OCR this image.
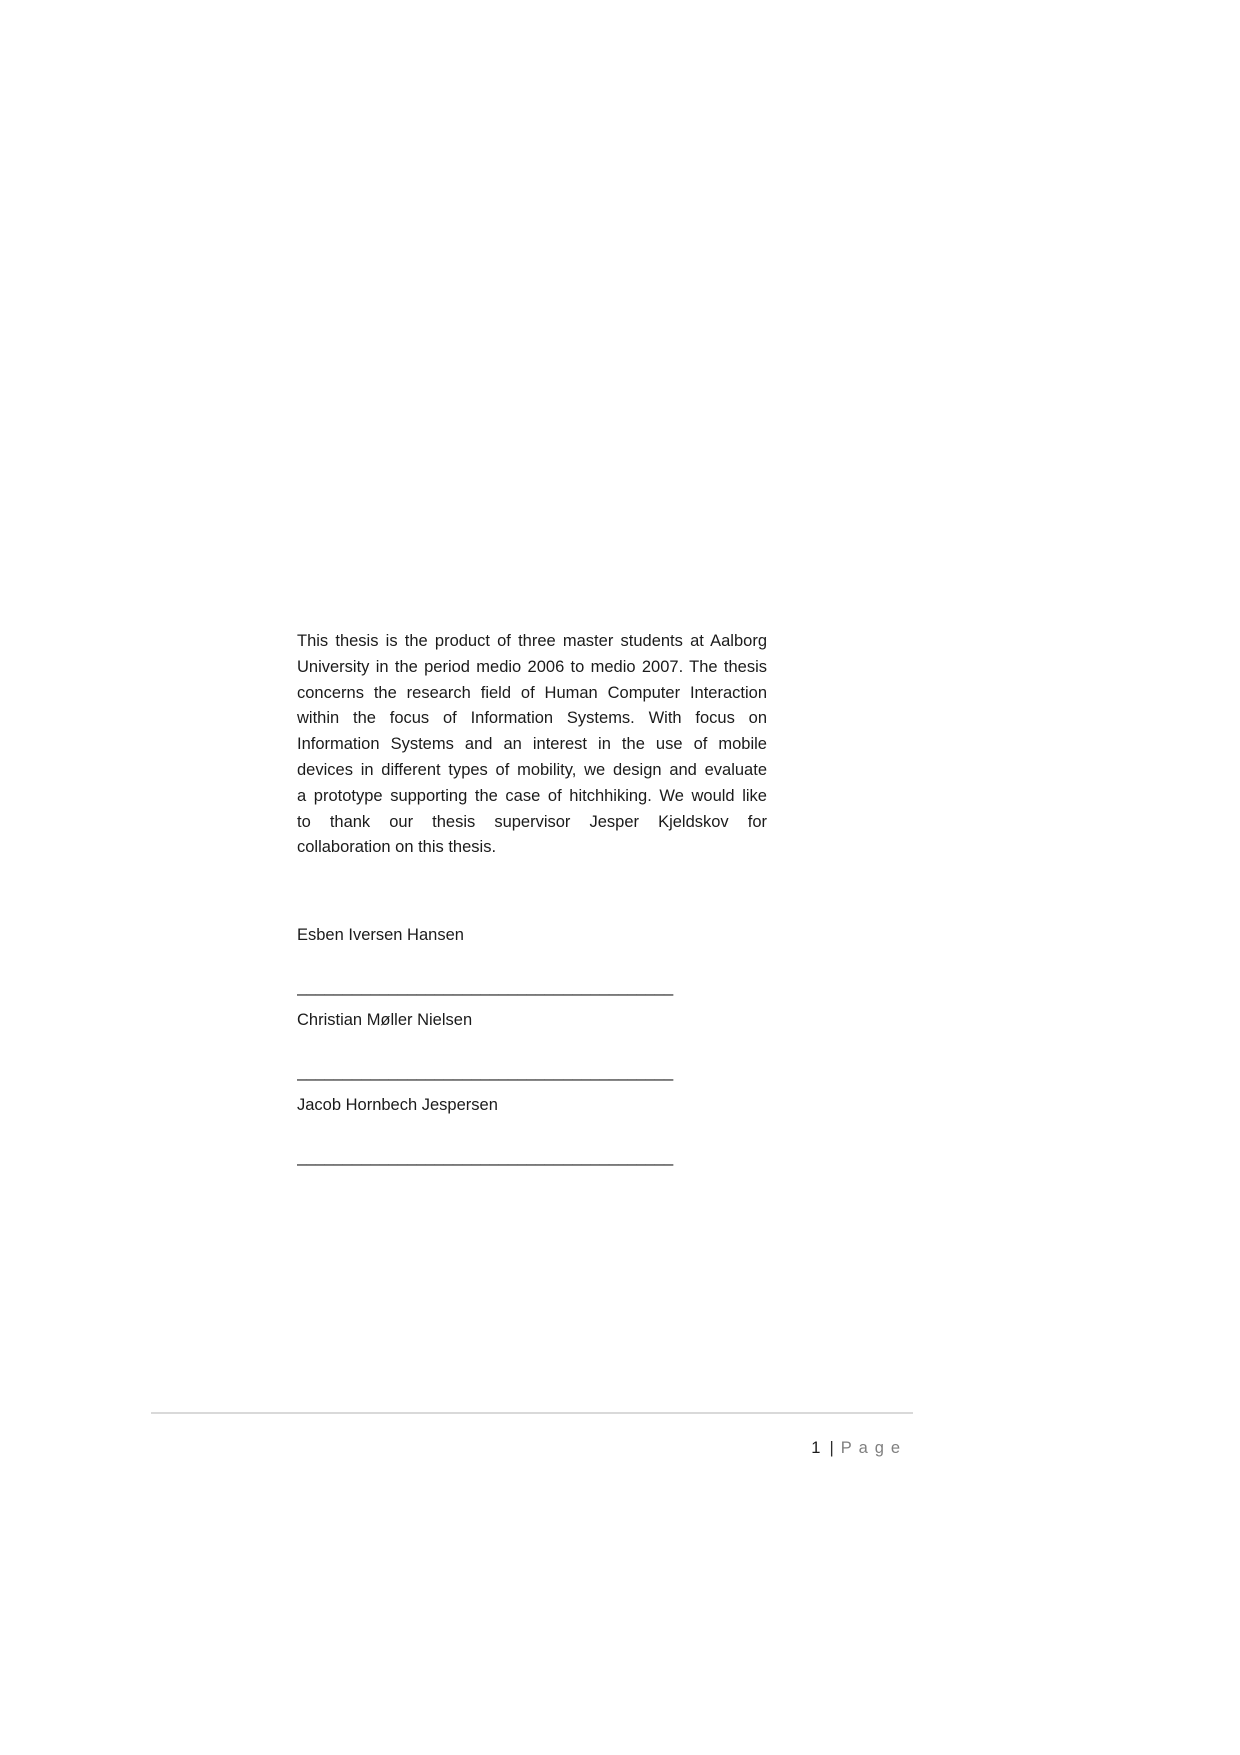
This thesis is the product of three master students at Aalborg
University in the period medio 2006 to medio 2007. The thesis
concerns the research field of Human Computer Interaction
within the focus of Information Systems. With focus on
Information Systems and an interest in the use of mobile
devices in different types of mobility, we design and evaluate
a prototype supporting the case of hitchhiking. We would like
to thank our thesis supervisor Jesper Kjeldskov for
collaboration on this thesis.
Esben Iversen Hansen
_________________________________________
Christian Møller Nielsen
_________________________________________
Jacob Hornbech Jespersen
_________________________________________
1 | Page
